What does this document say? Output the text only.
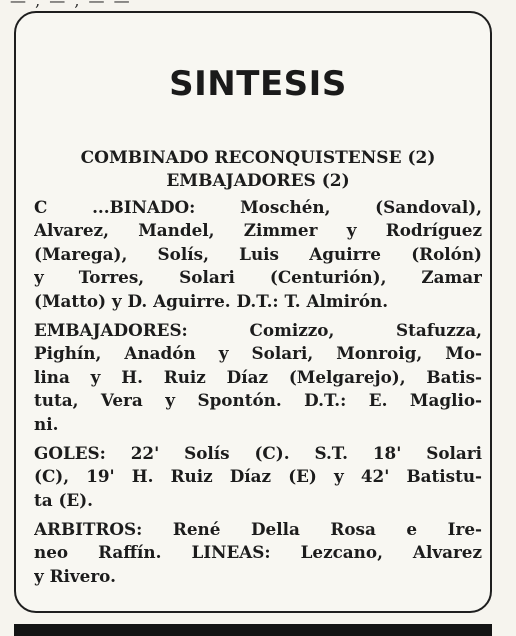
— , — , — —
SINTESIS
COMBINADO RECONQUISTENSE (2)
EMBAJADORES (2)
C ...BINADO: Moschén, (Sandoval),
Alvarez, Mandel, Zimmer y Rodríguez
(Marega), Solís, Luis Aguirre (Rolón)
y Torres, Solari (Centurión), Zamar
(Matto) y D. Aguirre. D.T.: T. Almirón.
EMBAJADORES: Comizzo, Stafuzza,
Pighín, Anadón y Solari, Monroig, Mo-
lina y H. Ruiz Díaz (Melgarejo), Batis-
tuta, Vera y Spontón. D.T.: E. Maglio-
ni.
GOLES: 22' Solís (C). S.T. 18' Solari
(C), 19' H. Ruiz Díaz (E) y 42' Batistu-
ta (E).
ARBITROS: René Della Rosa e Ire-
neo Raffín. LINEAS: Lezcano, Alvarez
y Rivero.
